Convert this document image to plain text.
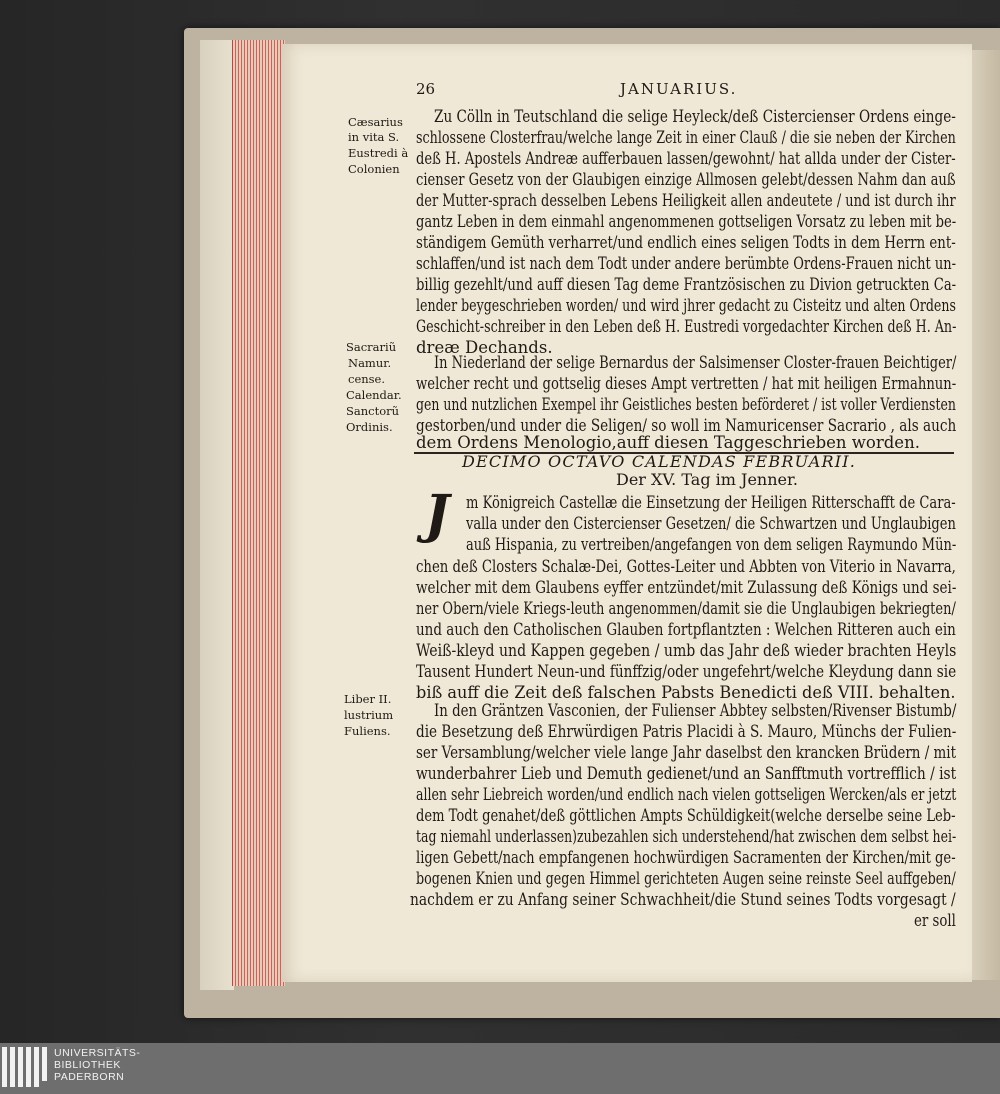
26	JANUARIUS.
Cæsarius
in vita S.
Eustredi à
Colonien
Sacrariũ
Namur.
cense.
Calendar.
Sanctorũ
Ordinis.
Liber II.
lustrium
Fuliens.
Zu Cölln in Teutschland die selige Heyleck/deß Cistercienser Ordens einge-
schlossene Closterfrau/welche lange Zeit in einer Clauß / die sie neben der Kirchen
deß H. Apostels Andreæ aufferbauen lassen/gewohnt/ hat allda under der Cister-
cienser Gesetz von der Glaubigen einzige Allmosen gelebt/dessen Nahm dan auß
der Mutter-sprach desselben Lebens Heiligkeit allen andeutete / und ist durch ihr
gantz Leben in dem einmahl angenommenen gottseligen Vorsatz zu leben mit be-
ständigem Gemüth verharret/und endlich eines seligen Todts in dem Herrn ent-
schlaffen/und ist nach dem Todt under andere berümbte Ordens-Frauen nicht un-
billig gezehlt/und auff diesen Tag deme Frantzösischen zu Divion getruckten Ca-
lender beygeschrieben worden/ und wird jhrer gedacht zu Cisteitz und alten Ordens
Geschicht-schreiber in den Leben deß H. Eustredi vorgedachter Kirchen deß H. An-
dreæ Dechands.
In Niederland der selige Bernardus der Salsimenser Closter-frauen Beichtiger/
welcher recht und gottselig dieses Ampt vertretten / hat mit heiligen Ermahnun-
gen und nutzlichen Exempel ihr Geistliches besten beförderet / ist voller Verdiensten
gestorben/und under die Seligen/ so woll im Namuricenser Sacrario , als auch
dem Ordens Menologio,auff diesen Taggeschrieben worden.
DECIMO OCTAVO CALENDAS FEBRUARII.
Der XV. Tag im Jenner.
J	m Königreich Castellæ die Einsetzung der Heiligen Ritterschafft de Cara-
valla under den Cistercienser Gesetzen/ die Schwartzen und Unglaubigen
auß Hispania, zu vertreiben/angefangen von dem seligen Raymundo Mün-
chen deß Closters Schalæ-Dei, Gottes-Leiter und Abbten von Viterio in Navarra,
welcher mit dem Glaubens eyffer entzündet/mit Zulassung deß Königs und sei-
ner Obern/viele Kriegs-leuth angenommen/damit sie die Unglaubigen bekriegten/
und auch den Catholischen Glauben fortpflantzten : Welchen Ritteren auch ein
Weiß-kleyd und Kappen gegeben / umb das Jahr deß wieder brachten Heyls
Tausent Hundert Neun-und fünffzig/oder ungefehrt/welche Kleydung dann sie
biß auff die Zeit deß falschen Pabsts Benedicti deß VIII. behalten.
In den Gräntzen Vasconien, der Fulienser Abbtey selbsten/Rivenser Bistumb/
die Besetzung deß Ehrwürdigen Patris Placidi à S. Mauro, Münchs der Fulien-
ser Versamblung/welcher viele lange Jahr daselbst den krancken Brüdern / mit
wunderbahrer Lieb und Demuth gedienet/und an Sanfftmuth vortrefflich / ist
allen sehr Liebreich worden/und endlich nach vielen gottseligen Wercken/als er jetzt
dem Todt genahet/deß göttlichen Ampts Schüldigkeit(welche derselbe seine Leb-
tag niemahl underlassen)zubezahlen sich understehend/hat zwischen dem selbst hei-
ligen Gebett/nach empfangenen hochwürdigen Sacramenten der Kirchen/mit ge-
bogenen Knien und gegen Himmel gerichteten Augen seine reinste Seel auffgeben/
nachdem er zu Anfang seiner Schwachheit/die Stund seines Todts vorgesagt /
er soll
UNIVERSITÄTS-
BIBLIOTHEK
PADERBORN
